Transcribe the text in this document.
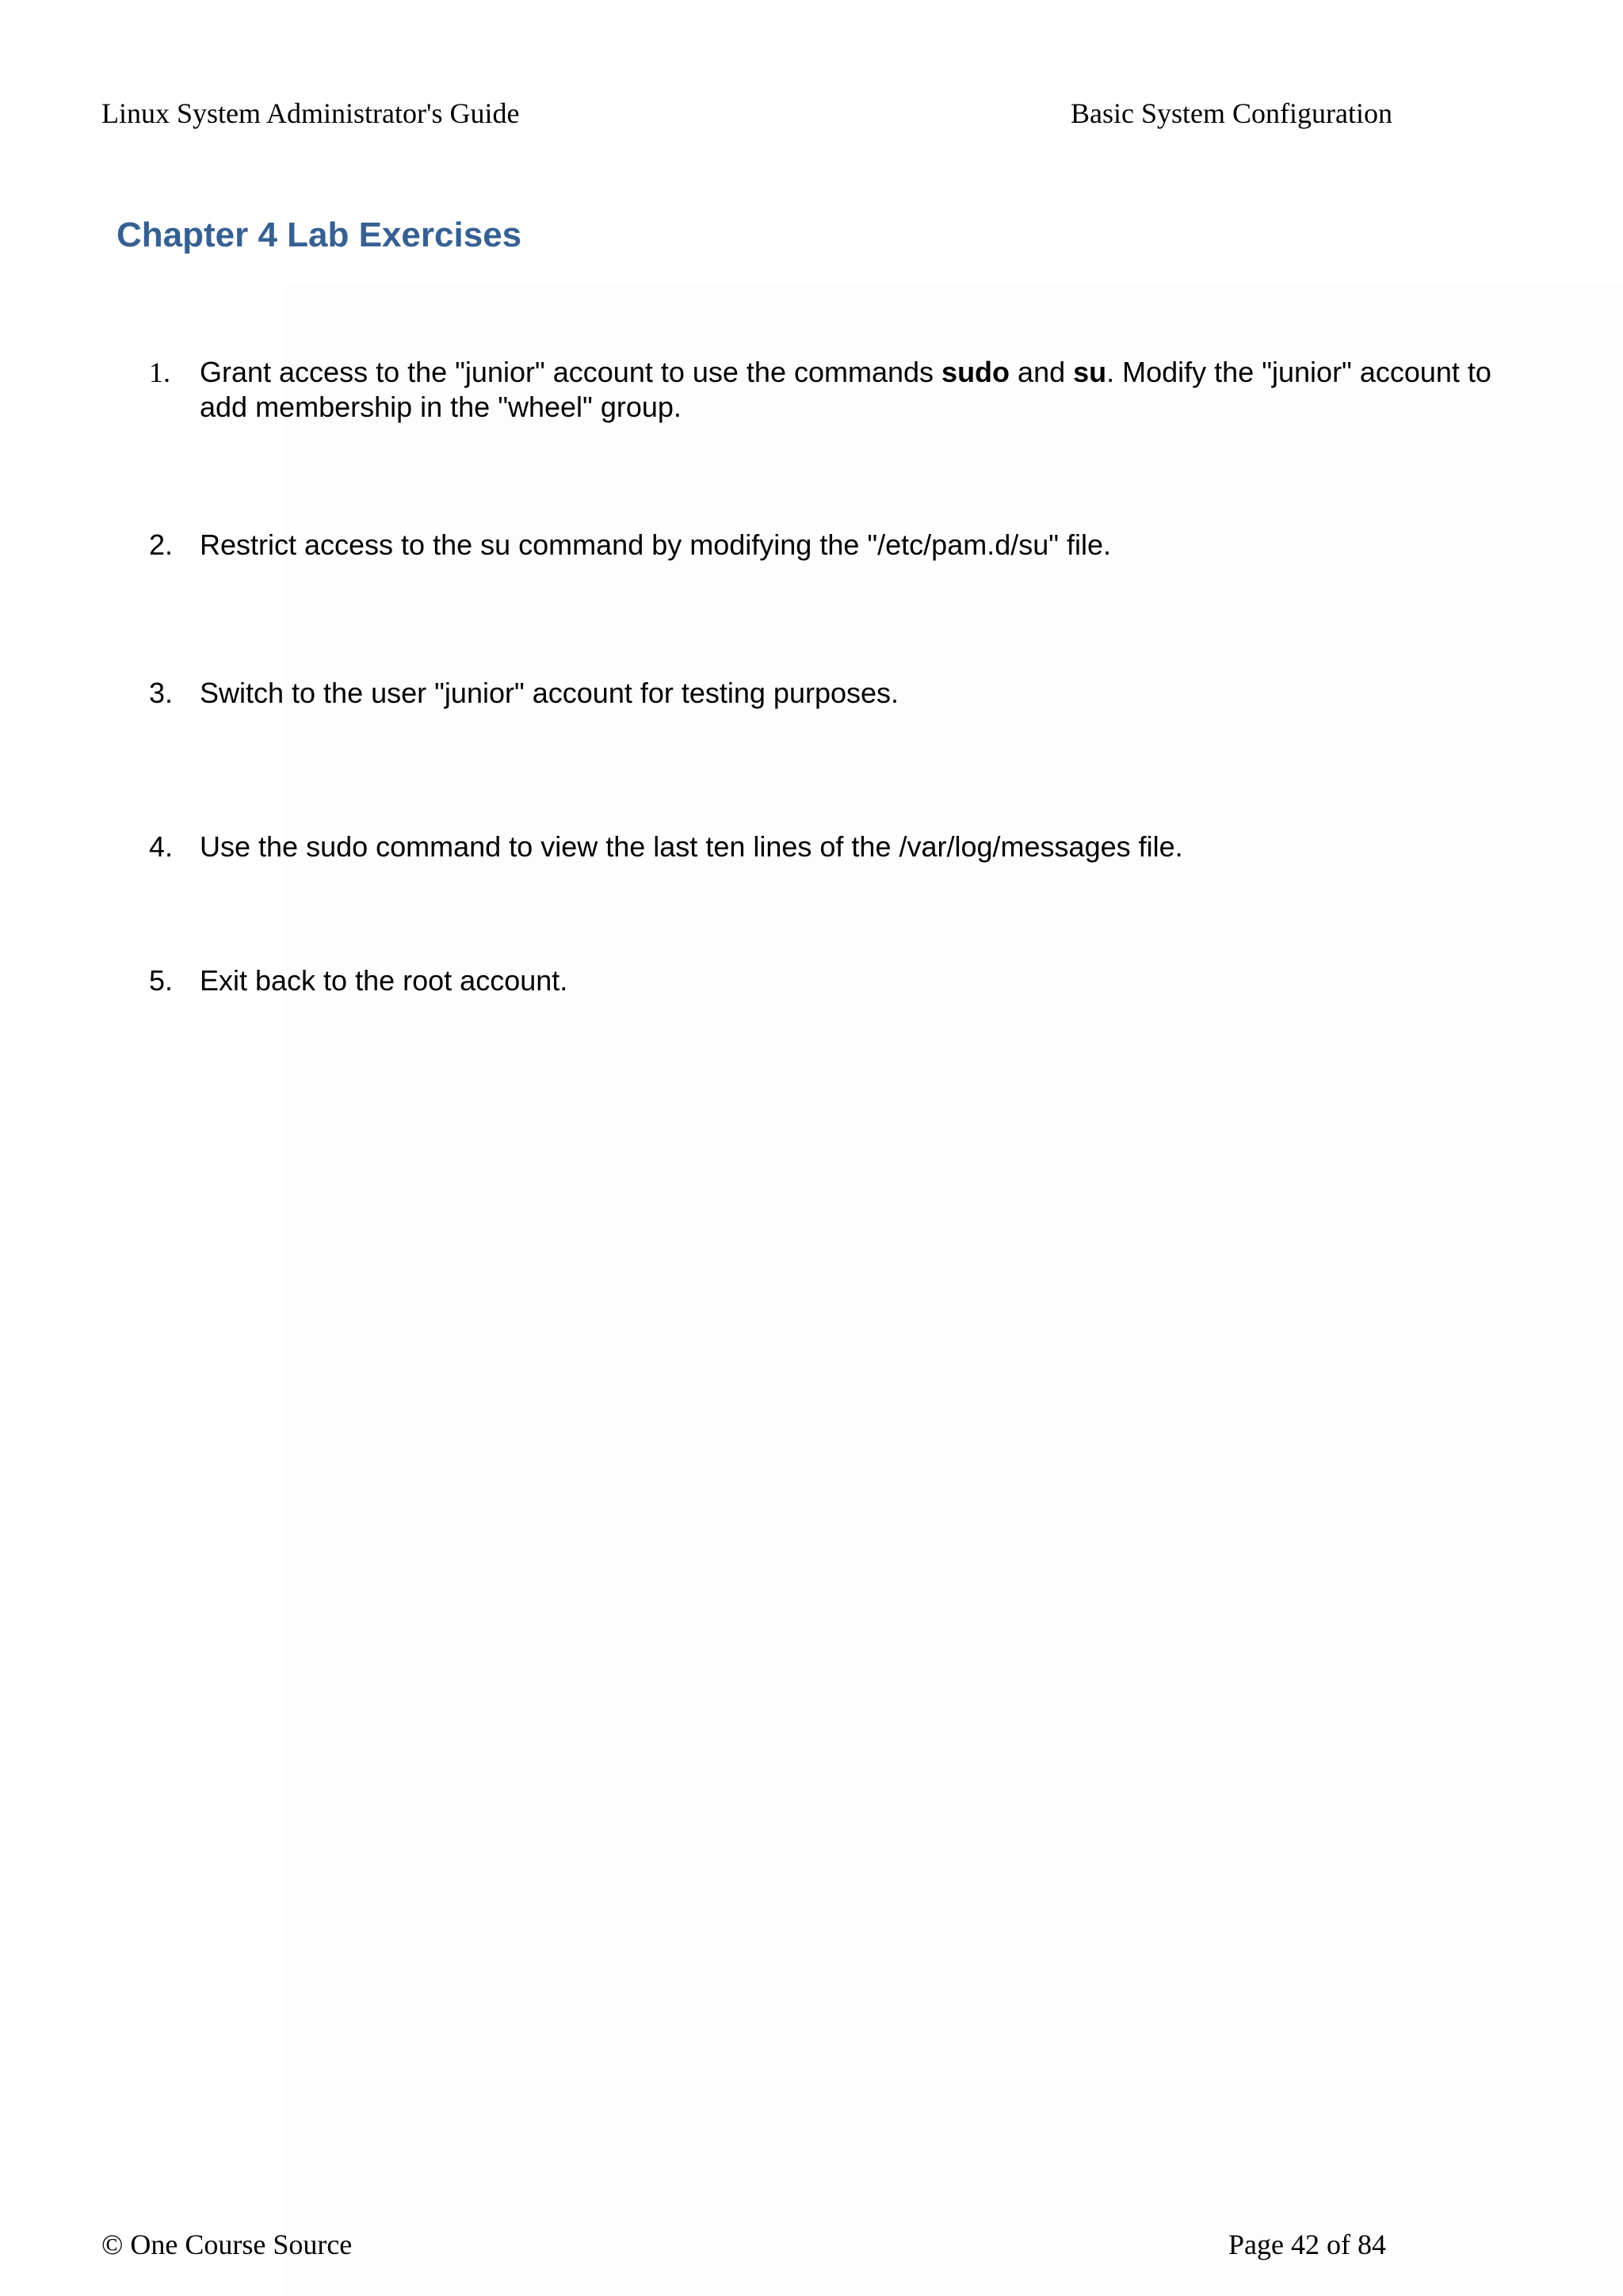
Linux System Administrator's Guide	Basic System Configuration
Chapter 4 Lab Exercises
1.	Grant access to the "junior" account to use the commands sudo and su. Modify the "junior" account to add membership in the "wheel" group.
2. Restrict access to the su command by modifying the "/etc/pam.d/su" file.
3. Switch to the user "junior" account for testing purposes.
4. Use the sudo command to view the last ten lines of the /var/log/messages file.
5. Exit back to the root account.
© One Course Source	Page 42 of 84
